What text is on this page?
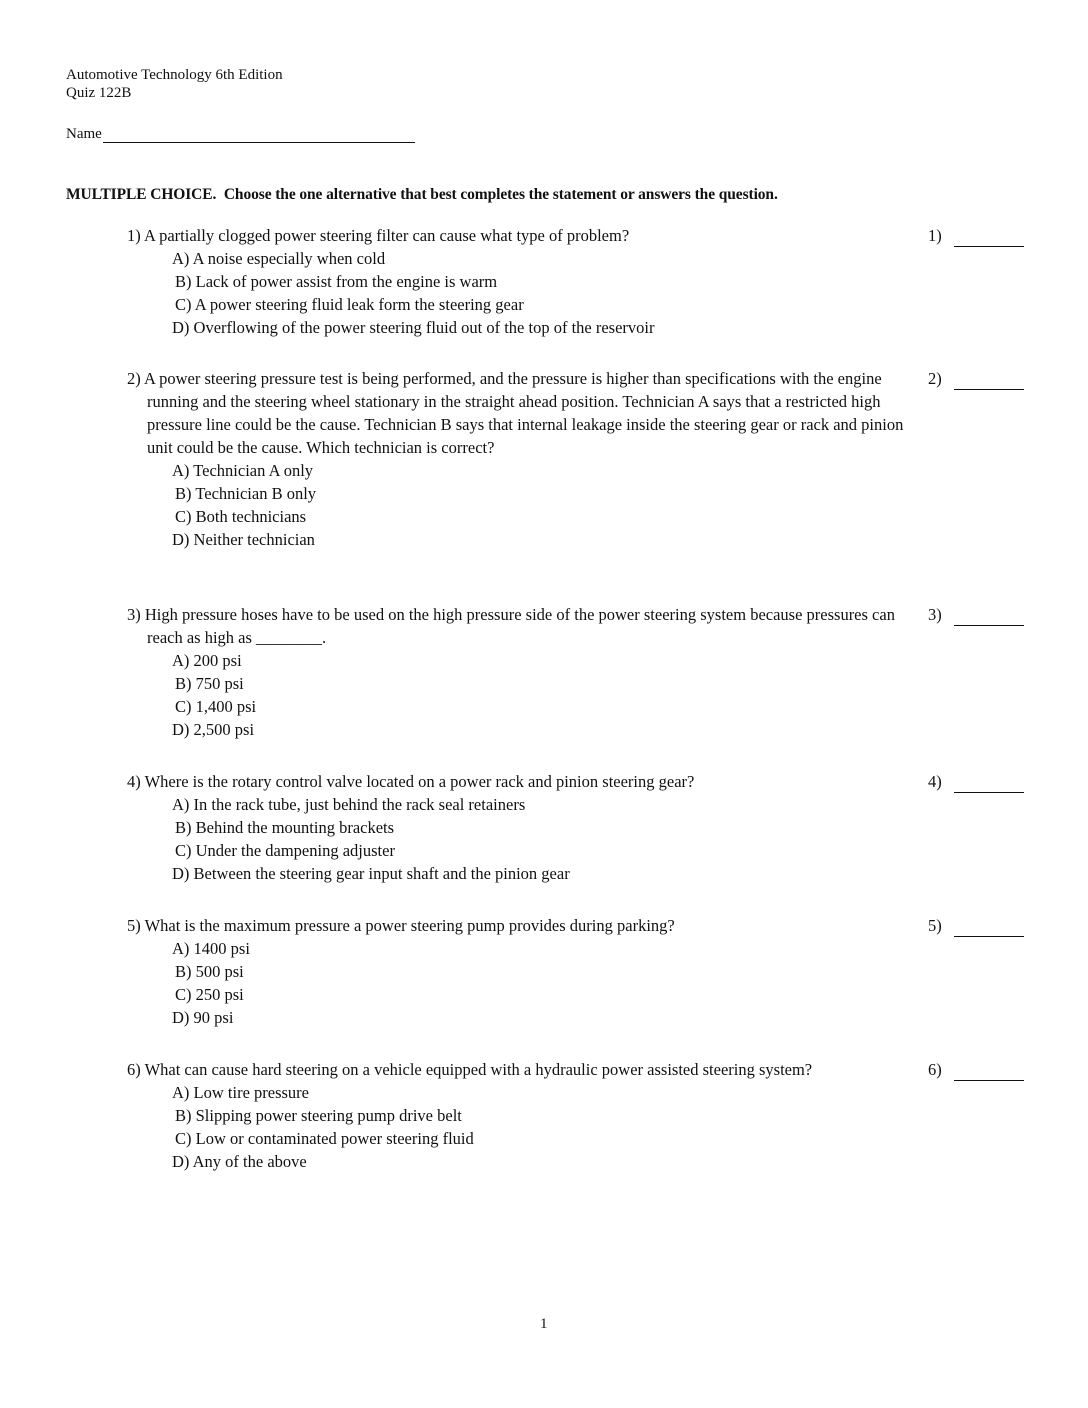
Automotive Technology 6th Edition
Quiz 122B
Name
MULTIPLE CHOICE. Choose the one alternative that best completes the statement or answers the question.
1) A partially clogged power steering filter can cause what type of problem?
A) A noise especially when cold
B) Lack of power assist from the engine is warm
C) A power steering fluid leak form the steering gear
D) Overflowing of the power steering fluid out of the top of the reservoir
1)
2) A power steering pressure test is being performed, and the pressure is higher than specifications with the engine running and the steering wheel stationary in the straight ahead position. Technician A says that a restricted high pressure line could be the cause. Technician B says that internal leakage inside the steering gear or rack and pinion unit could be the cause. Which technician is correct?
A) Technician A only
B) Technician B only
C) Both technicians
D) Neither technician
2)
3) High pressure hoses have to be used on the high pressure side of the power steering system because pressures can reach as high as ________.
A) 200 psi
B) 750 psi
C) 1,400 psi
D) 2,500 psi
3)
4) Where is the rotary control valve located on a power rack and pinion steering gear?
A) In the rack tube, just behind the rack seal retainers
B) Behind the mounting brackets
C) Under the dampening adjuster
D) Between the steering gear input shaft and the pinion gear
4)
5) What is the maximum pressure a power steering pump provides during parking?
A) 1400 psi
B) 500 psi
C) 250 psi
D) 90 psi
5)
6) What can cause hard steering on a vehicle equipped with a hydraulic power assisted steering system?
A) Low tire pressure
B) Slipping power steering pump drive belt
C) Low or contaminated power steering fluid
D) Any of the above
6)
1
